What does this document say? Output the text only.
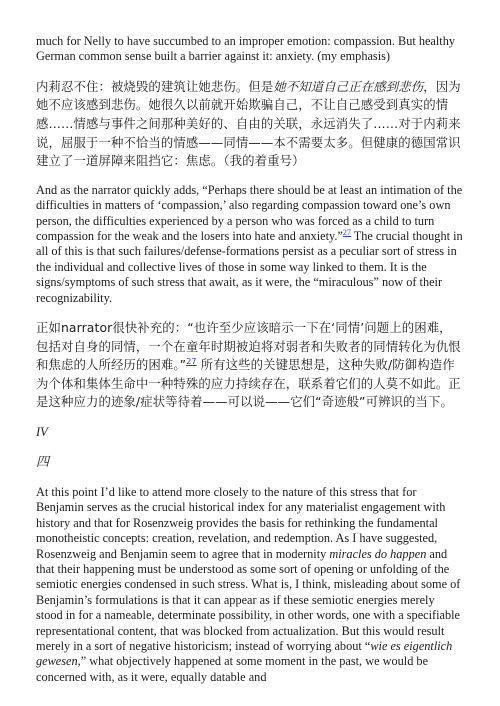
much for Nelly to have succumbed to an improper emotion: compassion. But healthy German common sense built a barrier against it: anxiety. (my emphasis)

内莉忍不住：被烧毁的建筑让她悲伤。但是她不知道自己正在感到悲伤，因为她不应该感到悲伤。她很久以前就开始欺骗自己，不让自己感受到真实的情感……情感与事件之间那种美好的、自由的关联，永远消失了……对于内莉来说，屈服于一种不恰当的情感——同情——本不需要太多。但健康的德国常识建立了一道屏障来阻挡它：焦虑。（我的着重号）

And as the narrator quickly adds, “Perhaps there should be at least an intimation of the difficulties in matters of ‘compassion,’ also regarding compassion toward one’s own person, the difficulties experienced by a person who was forced as a child to turn compassion for the weak and the losers into hate and anxiety.”$^{27}$ The crucial thought in all of this is that such failures/defense-formations persist as a peculiar sort of stress in the individual and collective lives of those in some way linked to them. It is the signs/symptoms of such stress that await, as it were, the “miraculous” now of their recognizability.

正如narrator很快补充的：“也许至少应该暗示一下在‘同情’问题上的困难，包括对自身的同情，一个在童年时期被迫将对弱者和失败者的同情转化为仇恨和焦虑的人所经历的困难。”$^{27}$ 所有这些的关键思想是，这种失败/防御构造作为个体和集体生命中一种特殊的应力持续存在，联系着它们的人莫不如此。正是这种应力的迹象/症状等待着——可以说——它们“奇迹般”可辨识的当下。

IV
四

At this point I’d like to attend more closely to the nature of this stress that for Benjamin serves as the crucial historical index for any materialist engagement with history and that for Rosenzweig provides the basis for rethinking the fundamental monotheistic concepts: creation, revelation, and redemption. As I have suggested, Rosenzweig and Benjamin seem to agree that in modernity miracles do happen and that their happening must be understood as some sort of opening or unfolding of the semiotic energies condensed in such stress. What is, I think, misleading about some of Benjamin’s formulations is that it can appear as if these semiotic energies merely stood in for a nameable, determinate possibility, in other words, one with a specifiable representational content, that was blocked from actualization. But this would result merely in a sort of negative historicism; instead of worrying about “wie es eigentlich gewesen,” what objectively happened at some moment in the past, we would be concerned with, as it were, equally datable and
